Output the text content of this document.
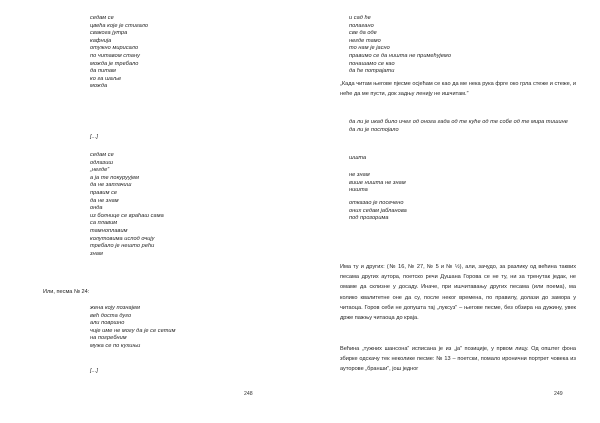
седам се
цвећа које је стигало
свакога јутра
кафнија
отужно мирисало
по читавом стану
можда је требало
да питам
ко га шаље
можда
[...]
седам се
одлазиш
„негде”
а ја те покуруујем
да не заплачиш
правим се
да не знам
онда
из болнице се враћаш сама
са плавим
тамноплавим
колутовима испод очију
требало је нешто рећи
знам
Или, песма № 24:
жена коју познајем
већ доста дуго
али површно
чије име не могу да је се сетим
на погребним
мужа се по кухињи
[...]
248
и сад ће
полагано
све да оде
негде тамо
то нам је јасно
правимо се да ништа не примећујемо
понашамо се као
да ће потрајати

„Када читам његове пјесме осјећам се као да ме нека рука фрге око грла стеже и стеже, и неће да ме пусти, док задњу ленију не ишчитам.”

да ли је икад било ичег од онога гада од те куће од те собе од те мира тишине да ли је постојало
шшта
не знам
више ништа не знам
ништа
отказао је посечено
оних седам јабланова
под прозорима

Има ту и других: (№ 16, № 27, № 5 и № ½), али, зачудо, за разлику од већина таквих песама других аутора, поетско речи Душана Горова се не ту, ни за тренутак једак, не омаме да склизне у досаду. Иначе, при ишчитавању других песама (или поема), ма колико квалитетне оне да су, после неког времена, по правилу, долази до замора у читаоца. Горов себи не допушта тај „луксуз” – његове песме, без обзира на дужину, увек држе пажњу читаоца до краја.

Већина „тужних шансона” исписана је из „ја” позиције, у првом лицу. Од општег фона збирке одскачу тек неколике песме: № 13 – поетски, помало иронични портрет човека из ауторове „бранши”, још једног

249
